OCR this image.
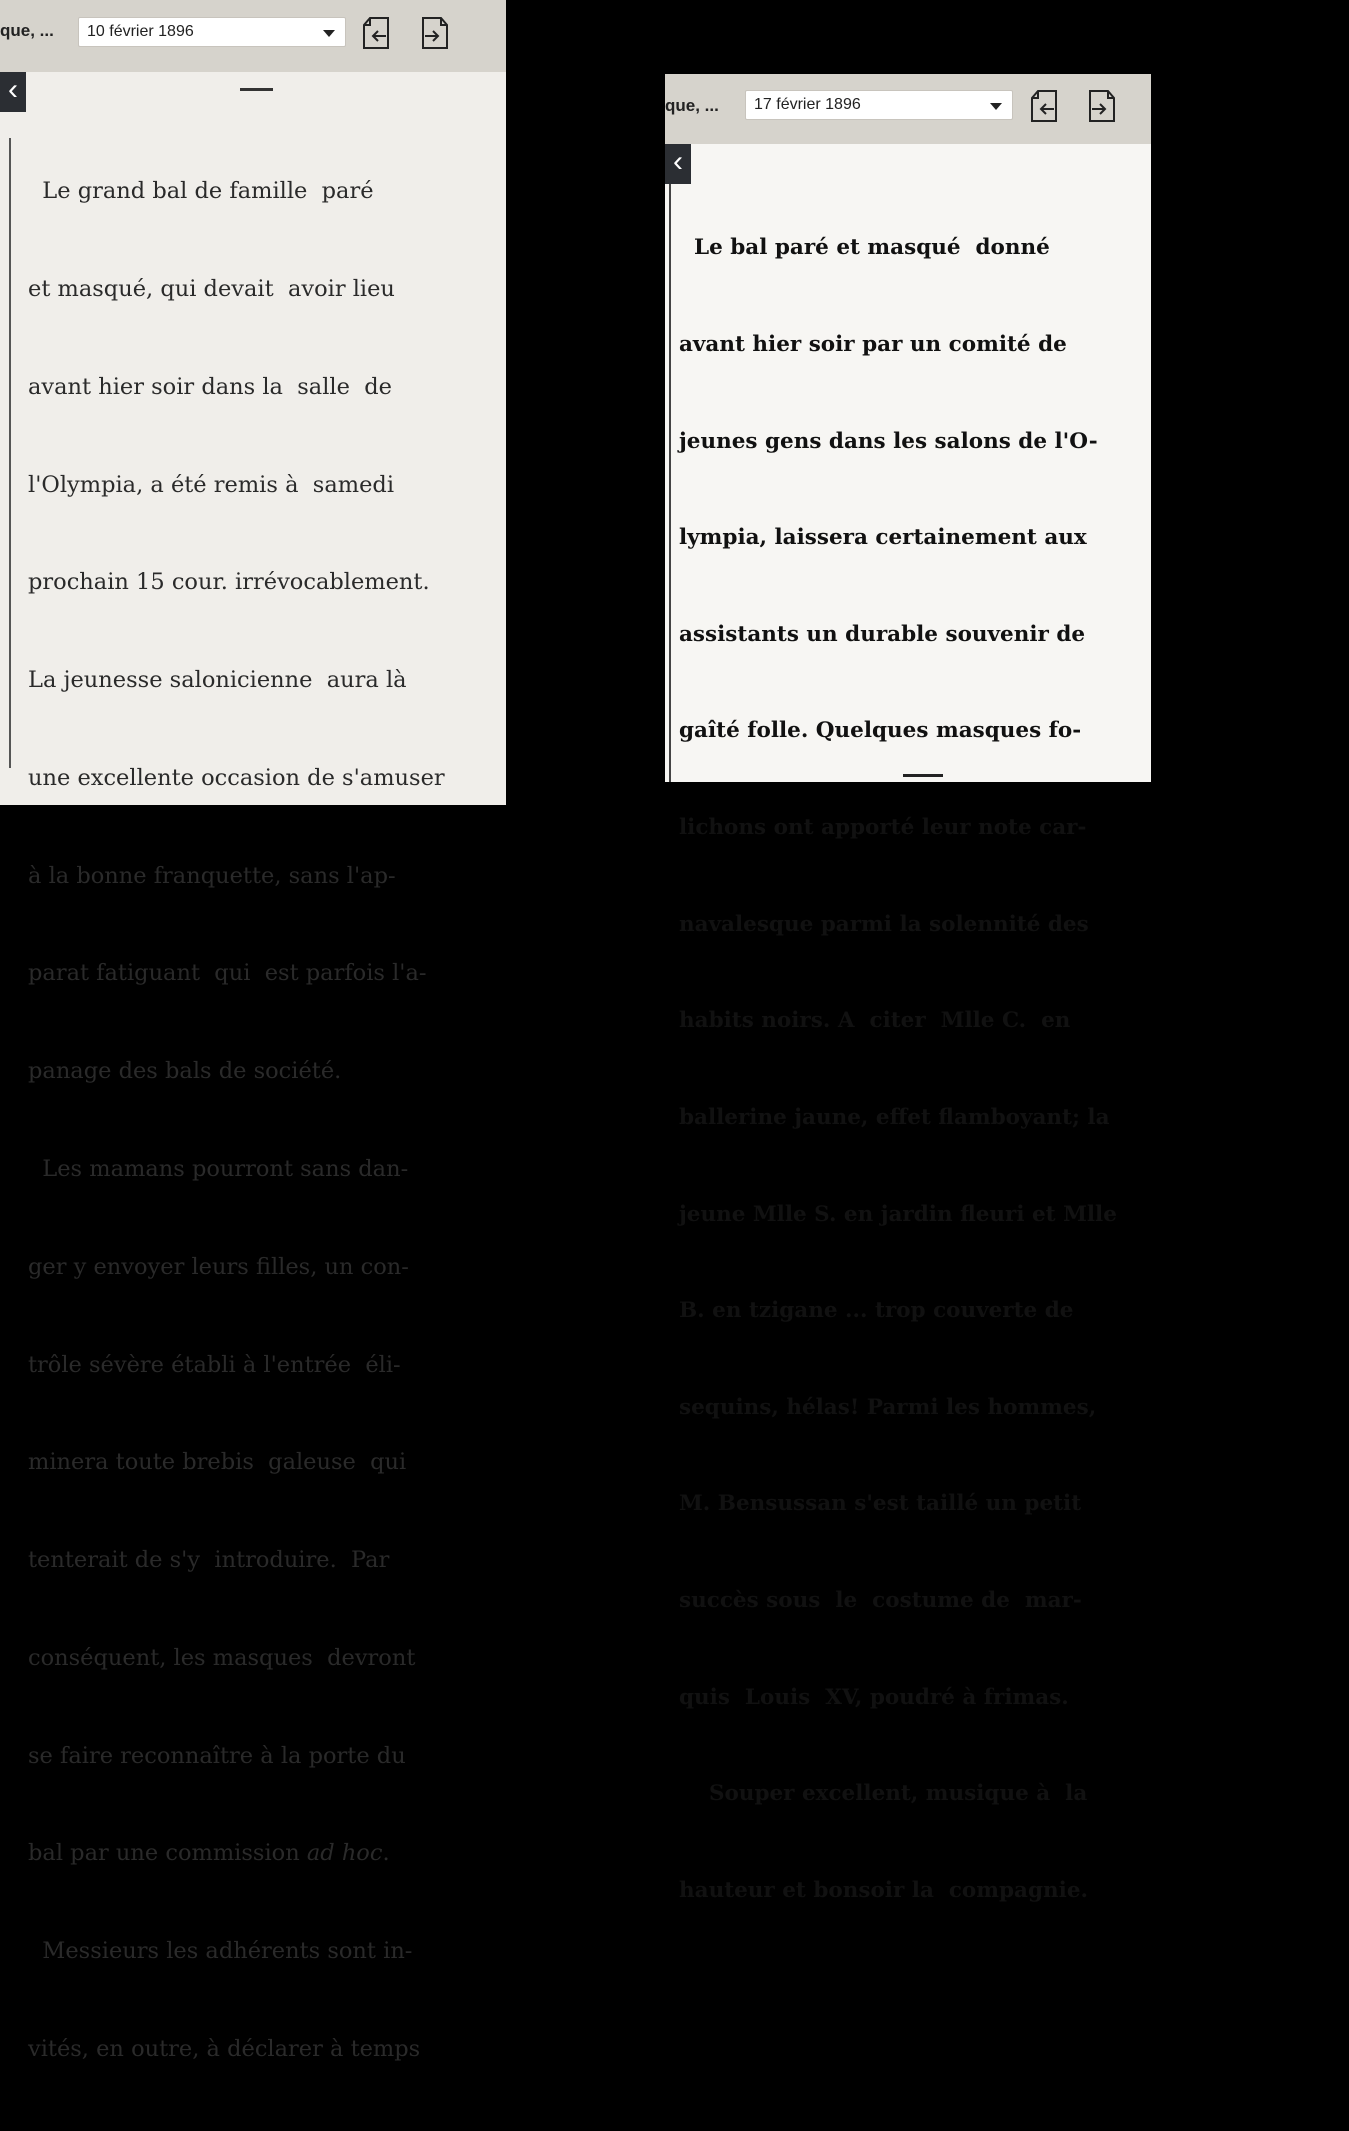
que, ...	10 février 1896
‹

Le grand bal de famille  paré

et masqué, qui devait  avoir lieu

avant hier soir dans la  salle  de

l'Olympia, a été remis à  samedi

prochain 15 cour. irrévocablement.

La jeunesse salonicienne  aura là

une excellente occasion de s'amuser

à la bonne franquette, sans l'ap-

parat fatiguant  qui  est parfois l'a-

panage des bals de société.

Les mamans pourront sans dan-

ger y envoyer leurs filles, un con-

trôle sévère établi à l'entrée  éli-

minera toute brebis  galeuse  qui

tenterait de s'y  introduire.  Par

conséquent, les masques  devront

se faire reconnaître à la porte du

bal par une commission ad hoc.

Messieurs les adhérents sont in-

vités, en outre, à déclarer à temps

que, ...	17 février 1896
‹

Le bal paré et masqué  donné

avant hier soir par un comité de

jeunes gens dans les salons de l'O-

lympia, laissera certainement aux

assistants un durable souvenir de

gaîté folle. Quelques masques fo-

lichons ont apporté leur note car-

navalesque parmi la solennité des

habits noirs. A  citer  Mlle C.  en

ballerine jaune, effet flamboyant; la

jeune Mlle S. en jardin fleuri et Mlle

B. en tzigane ... trop couverte de

sequins, hélas! Parmi les hommes,

M. Bensussan s'est taillé un petit

succès sous  le  costume de  mar-

quis  Louis  XV, poudré à frimas.

Souper excellent, musique à  la

hauteur et bonsoir la  compagnie.
